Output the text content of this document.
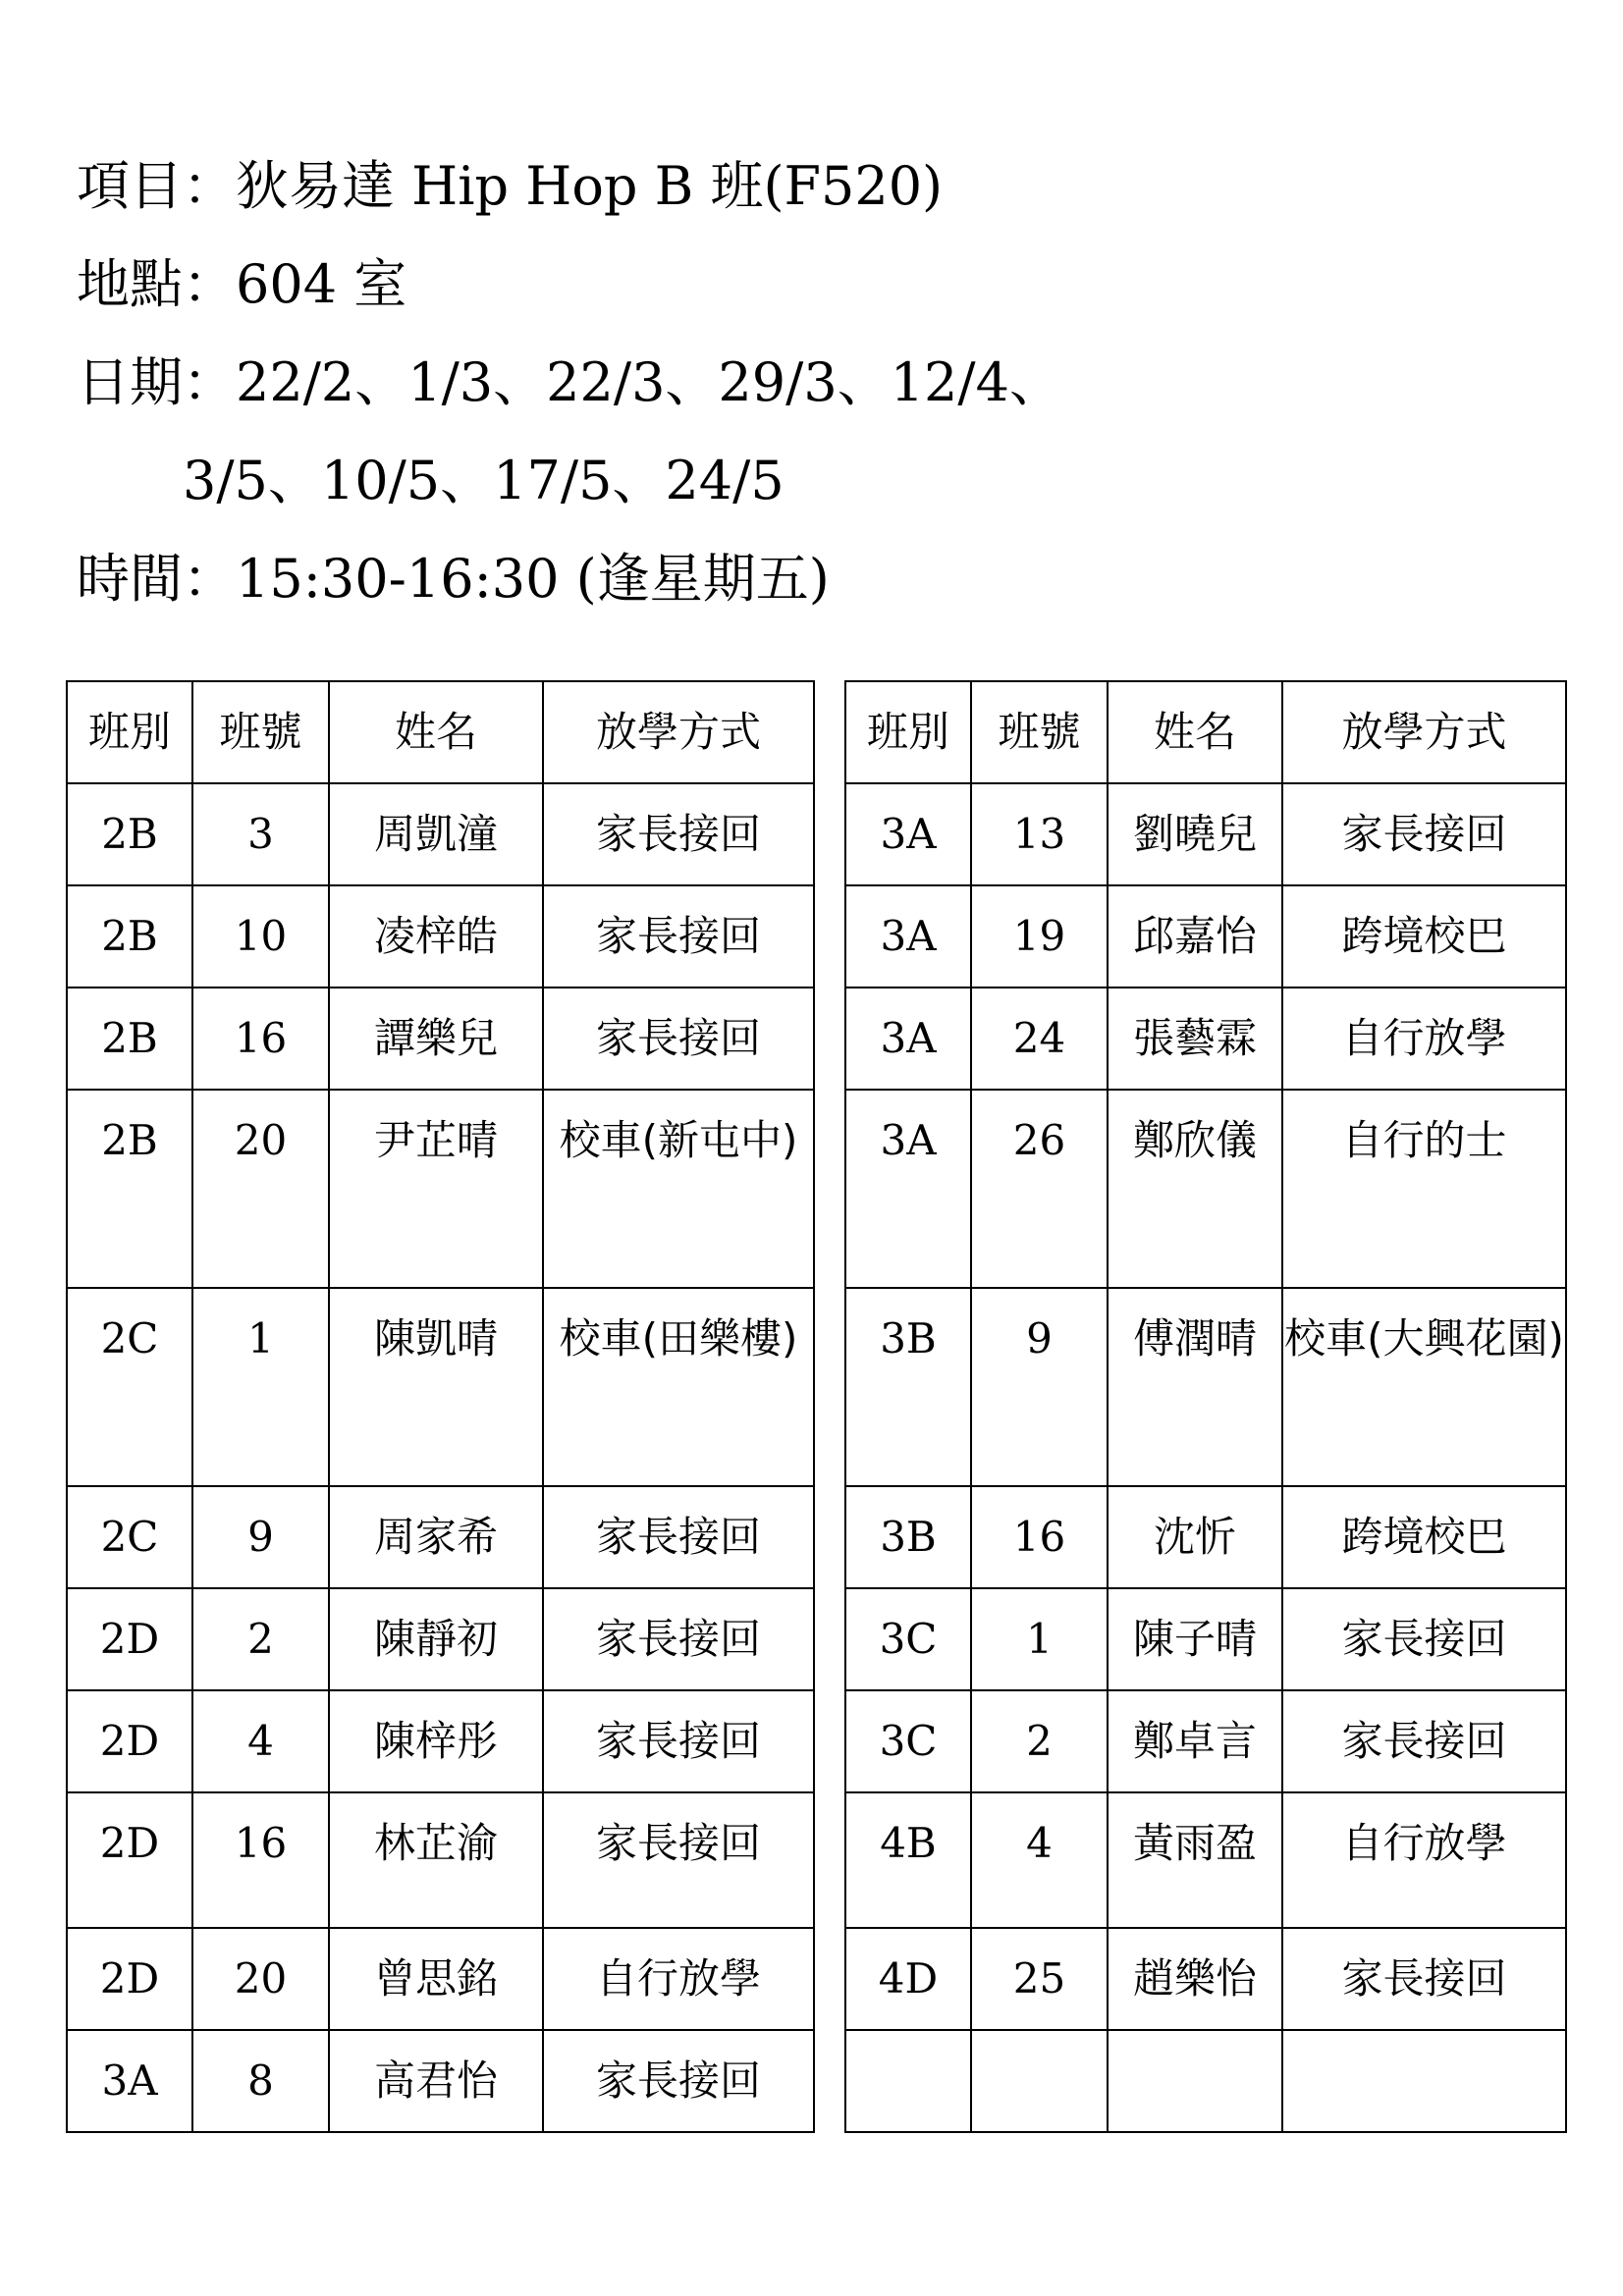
項目：狄易達 Hip Hop B 班(F520)
地點：604 室
日期：22/2、1/3、22/3、29/3、12/4、
3/5、10/5、17/5、24/5
時間：15:30-16:30 (逢星期五)
班別	班號	姓名	放學方式
2B	3	周凱潼	家長接回
2B	10	凌梓皓	家長接回
2B	16	譚樂兒	家長接回
2B	20	尹芷晴	校車(新屯中)
2C	1	陳凱晴	校車(田樂樓)
2C	9	周家希	家長接回
2D	2	陳靜初	家長接回
2D	4	陳梓彤	家長接回
2D	16	林芷渝	家長接回
2D	20	曾思銘	自行放學
3A	8	高君怡	家長接回
班別	班號	姓名	放學方式
3A	13	劉曉兒	家長接回
3A	19	邱嘉怡	跨境校巴
3A	24	張藝霖	自行放學
3A	26	鄭欣儀	自行的士
3B	9	傅潤晴	校車(大興花園)
3B	16	沈忻	跨境校巴
3C	1	陳子晴	家長接回
3C	2	鄭卓言	家長接回
4B	4	黃雨盈	自行放學
4D	25	趙樂怡	家長接回
